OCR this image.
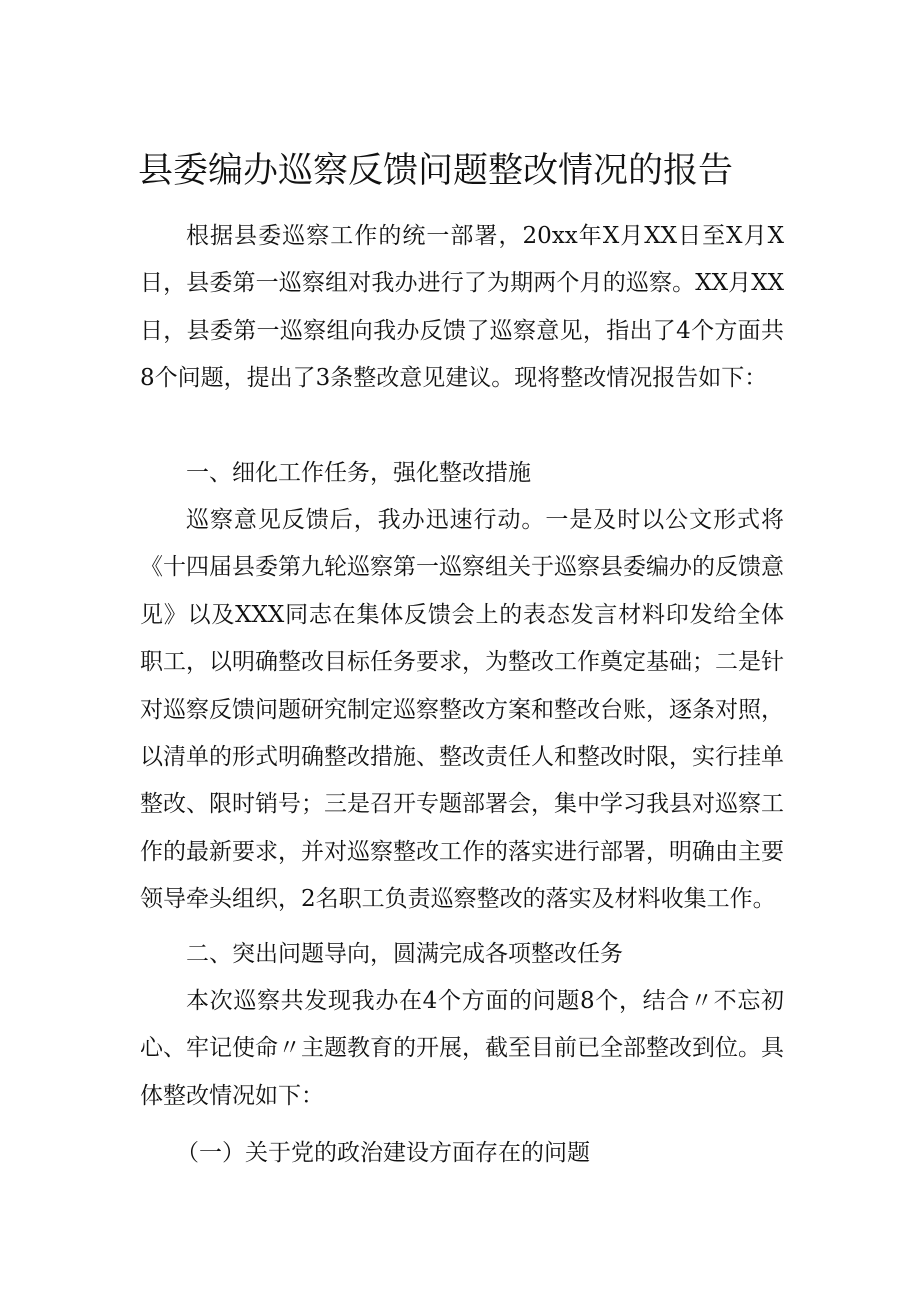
县委编办巡察反馈问题整改情况的报告

根据县委巡察工作的统一部署，20xx年X月XX日至X月X日，县委第一巡察组对我办进行了为期两个月的巡察。XX月XX日，县委第一巡察组向我办反馈了巡察意见，指出了4个方面共8个问题，提出了3条整改意见建议。现将整改情况报告如下：

一、细化工作任务，强化整改措施

巡察意见反馈后，我办迅速行动。一是及时以公文形式将《十四届县委第九轮巡察第一巡察组关于巡察县委编办的反馈意见》以及XXX同志在集体反馈会上的表态发言材料印发给全体职工，以明确整改目标任务要求，为整改工作奠定基础；二是针对巡察反馈问题研究制定巡察整改方案和整改台账，逐条对照，以清单的形式明确整改措施、整改责任人和整改时限，实行挂单整改、限时销号；三是召开专题部署会，集中学习我县对巡察工作的最新要求，并对巡察整改工作的落实进行部署，明确由主要领导牵头组织，2名职工负责巡察整改的落实及材料收集工作。

二、突出问题导向，圆满完成各项整改任务

本次巡察共发现我办在4个方面的问题8个，结合〃不忘初心、牢记使命〃主题教育的开展，截至目前已全部整改到位。具体整改情况如下：

（一）关于党的政治建设方面存在的问题
